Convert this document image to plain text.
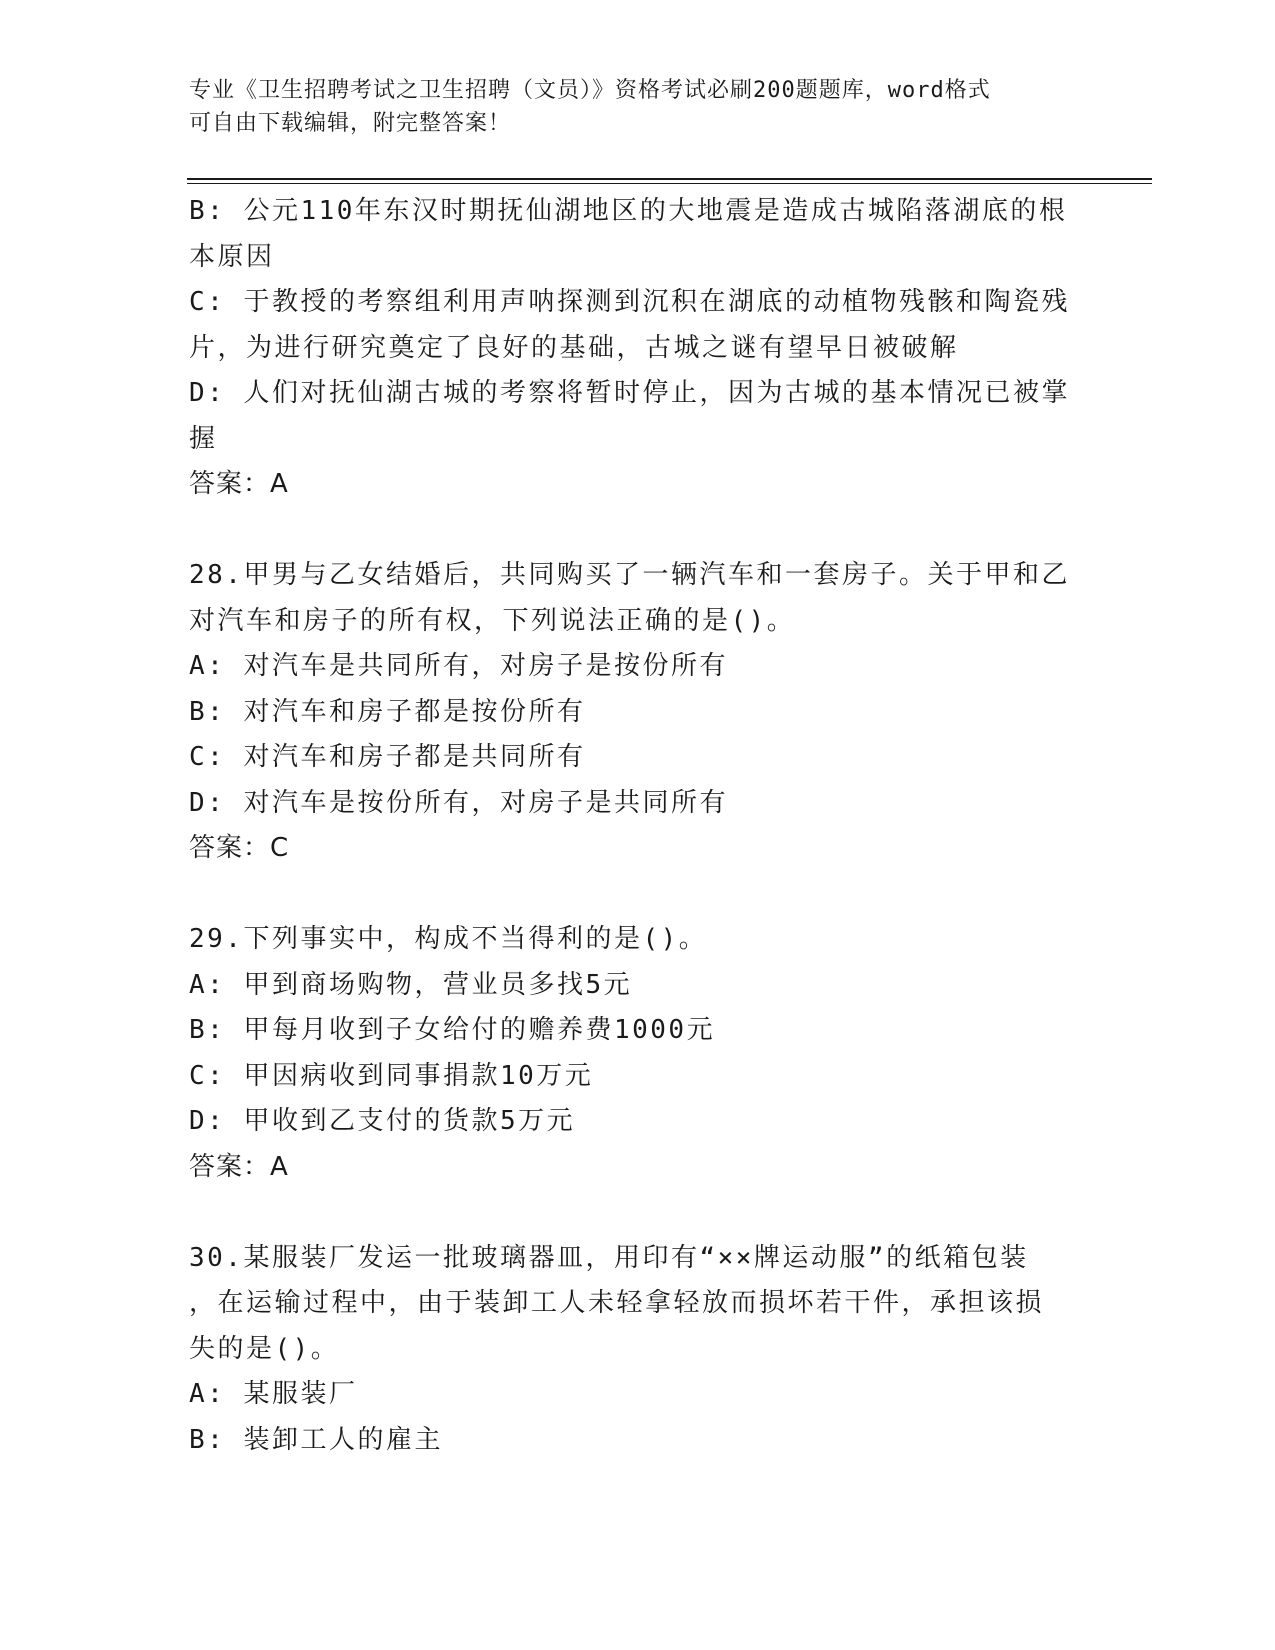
专业《卫生招聘考试之卫生招聘（文员）》资格考试必刷200题题库，word格式
可自由下载编辑，附完整答案！
B: 公元110年东汉时期抚仙湖地区的大地震是造成古城陷落湖底的根
本原因
C: 于教授的考察组利用声呐探测到沉积在湖底的动植物残骸和陶瓷残
片，为进行研究奠定了良好的基础，古城之谜有望早日被破解
D: 人们对抚仙湖古城的考察将暂时停止，因为古城的基本情况已被掌
握
答案：A
28.甲男与乙女结婚后，共同购买了一辆汽车和一套房子。关于甲和乙
对汽车和房子的所有权，下列说法正确的是()。
A: 对汽车是共同所有，对房子是按份所有
B: 对汽车和房子都是按份所有
C: 对汽车和房子都是共同所有
D: 对汽车是按份所有，对房子是共同所有
答案：C
29.下列事实中，构成不当得利的是()。
A: 甲到商场购物，营业员多找5元
B: 甲每月收到子女给付的赡养费1000元
C: 甲因病收到同事捐款10万元
D: 甲收到乙支付的货款5万元
答案：A
30.某服装厂发运一批玻璃器皿，用印有“××牌运动服”的纸箱包装
，在运输过程中，由于装卸工人未轻拿轻放而损坏若干件，承担该损
失的是()。
A: 某服装厂
B: 装卸工人的雇主
